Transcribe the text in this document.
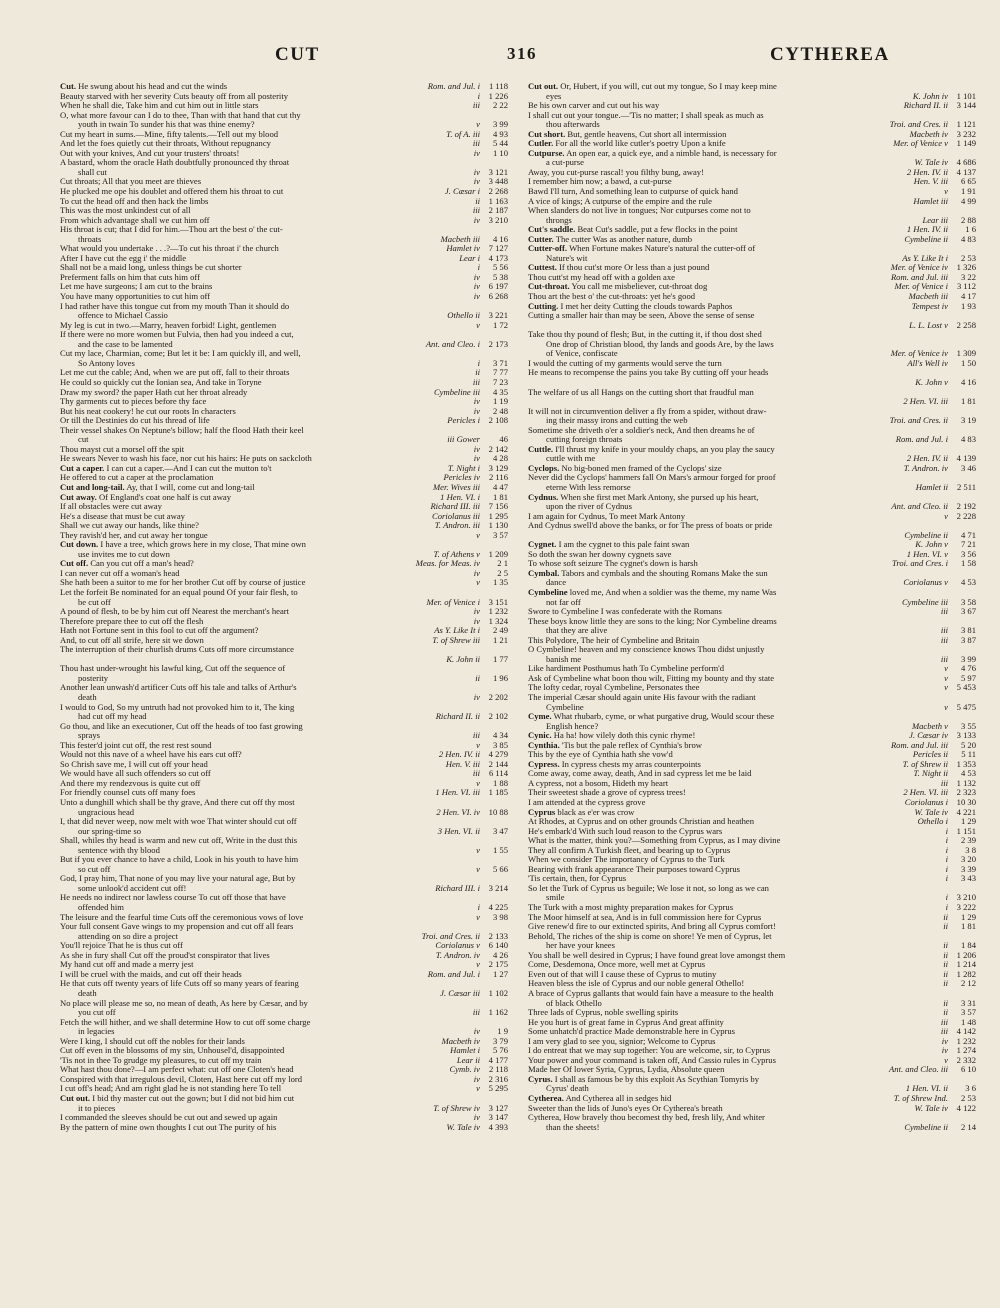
CUT	316	CYTHEREA
Cut. He swung about his head and cut the winds	Rom. and Jul. i	1 118
Beauty starved with her severity Cuts beauty off from all posterity	i	1 226
When he shall die, Take him and cut him out in little stars	iii	2 22
O, what more favour can I do to thee, Than with that hand that cut thy
youth in twain To sunder his that was thine enemy?	v	3 99
Cut my heart in sums.—Mine, fifty talents.—Tell out my blood	T. of A. iii	4 93
And let the foes quietly cut their throats, Without repugnancy	iii	5 44
Out with your knives, And cut your trusters' throats!	iv	1 10
A bastard, whom the oracle Hath doubtfully pronounced thy throat
shall cut	iv	3 121
Cut throats; All that you meet are thieves	iv	3 448
He plucked me ope his doublet and offered them his throat to cut	J. Cæsar i	2 268
To cut the head off and then hack the limbs	ii	1 163
This was the most unkindest cut of all	iii	2 187
From which advantage shall we cut him off	iv	3 210
His throat is cut; that I did for him.—Thou art the best o' the cut-
throats	Macbeth iii	4 16
What would you undertake . . .?—To cut his throat i' the church	Hamlet iv	7 127
After I have cut the egg i' the middle	Lear i	4 173
Shall not be a maid long, unless things be cut shorter	i	5 56
Preferment falls on him that cuts him off	iv	5 38
Let me have surgeons; I am cut to the brains	iv	6 197
You have many opportunities to cut him off	iv	6 268
I had rather have this tongue cut from my mouth Than it should do
offence to Michael Cassio	Othello ii	3 221
My leg is cut in two.—Marry, heaven forbid! Light, gentlemen	v	1 72
If there were no more women but Fulvia, then had you indeed a cut,
and the case to be lamented	Ant. and Cleo. i	2 173
Cut my lace, Charmian, come; But let it be: I am quickly ill, and well,
So Antony loves	i	3 71
Let me cut the cable; And, when we are put off, fall to their throats	ii	7 77
He could so quickly cut the Ionian sea, And take in Toryne	iii	7 23
Draw my sword? the paper Hath cut her throat already	Cymbeline iii	4 35
Thy garments cut to pieces before thy face	iv	1 19
But his neat cookery! he cut our roots In characters	iv	2 48
Or till the Destinies do cut his thread of life	Pericles i	2 108
Their vessel shakes On Neptune's billow; half the flood Hath their keel
cut	iii Gower	46
Thou mayst cut a morsel off the spit	iv	2 142
He swears Never to wash his face, nor cut his hairs: He puts on sackcloth	iv	4 28
Cut a caper. I can cut a caper.—And I can cut the mutton to't	T. Night i	3 129
He offered to cut a caper at the proclamation	Pericles iv	2 116
Cut and long-tail. Ay, that I will, come cut and long-tail	Mer. Wives iii	4 47
Cut away. Of England's coat one half is cut away	1 Hen. VI. i	1 81
If all obstacles were cut away	Richard III. iii	7 156
He's a disease that must be cut away	Coriolanus iii	1 295
Shall we cut away our hands, like thine?	T. Andron. iii	1 130
They ravish'd her, and cut away her tongue	v	3 57
Cut down. I have a tree, which grows here in my close, That mine own
use invites me to cut down	T. of Athens v	1 209
Cut off. Can you cut off a man's head?	Meas. for Meas. iv	2 1
I can never cut off a woman's head	iv	2 5
She hath been a suitor to me for her brother Cut off by course of justice	v	1 35
Let the forfeit Be nominated for an equal pound Of your fair flesh, to
be cut off	Mer. of Venice i	3 151
A pound of flesh, to be by him cut off Nearest the merchant's heart	iv	1 232
Therefore prepare thee to cut off the flesh	iv	1 324
Hath not Fortune sent in this fool to cut off the argument?	As Y. Like It i	2 49
And, to cut off all strife, here sit we down	T. of Shrew iii	1 21
The interruption of their churlish drums Cuts off more circumstance
K. John ii	1 77
Thou hast under-wrought his lawful king, Cut off the sequence of
posterity	ii	1 96
Another lean unwash'd artificer Cuts off his tale and talks of Arthur's
death	iv	2 202
I would to God, So my untruth had not provoked him to it, The king
had cut off my head	Richard II. ii	2 102
Go thou, and like an executioner, Cut off the heads of too fast growing
sprays	iii	4 34
This fester'd joint cut off, the rest rest sound	v	3 85
Would not this nave of a wheel have his ears cut off?	2 Hen. IV. ii	4 279
So Chrish save me, I will cut off your head	Hen. V. iii	2 144
We would have all such offenders so cut off	iii	6 114
And there my rendezvous is quite cut off	v	1 88
For friendly counsel cuts off many foes	1 Hen. VI. iii	1 185
Unto a dunghill which shall be thy grave, And there cut off thy most
ungracious head	2 Hen. VI. iv	10 88
I, that did never weep, now melt with woe That winter should cut off
our spring-time so	3 Hen. VI. ii	3 47
Shall, whiles thy head is warm and new cut off, Write in the dust this
sentence with thy blood	v	1 55
But if you ever chance to have a child, Look in his youth to have him
so cut off	v	5 66
God, I pray him, That none of you may live your natural age, But by
some unlook'd accident cut off!	Richard III. i	3 214
He needs no indirect nor lawless course To cut off those that have
offended him	i	4 225
The leisure and the fearful time Cuts off the ceremonious vows of love	v	3 98
Your full consent Gave wings to my propension and cut off all fears
attending on so dire a project	Troi. and Cres. ii	2 133
You'll rejoice That he is thus cut off	Coriolanus v	6 140
As she in fury shall Cut off the proud'st conspirator that lives	T. Andron. iv	4 26
My hand cut off and made a merry jest	v	2 175
I will be cruel with the maids, and cut off their heads	Rom. and Jul. i	1 27
He that cuts off twenty years of life Cuts off so many years of fearing
death	J. Cæsar iii	1 102
No place will please me so, no mean of death, As here by Cæsar, and by
you cut off	iii	1 162
Fetch the will hither, and we shall determine How to cut off some charge
in legacies	iv	1 9
Were I king, I should cut off the nobles for their lands	Macbeth iv	3 79
Cut off even in the blossoms of my sin, Unhousel'd, disappointed	Hamlet i	5 76
'Tis not in thee To grudge my pleasures, to cut off my train	Lear ii	4 177
What hast thou done?—I am perfect what: cut off one Cloten's head	Cymb. iv	2 118
Conspired with that irregulous devil, Cloten, Hast here cut off my lord	iv	2 316
I cut off's head; And am right glad he is not standing here To tell	v	5 295
Cut out. I bid thy master cut out the gown; but I did not bid him cut
it to pieces	T. of Shrew iv	3 127
I commanded the sleeves should be cut out and sewed up again	iv	3 147
By the pattern of mine own thoughts I cut out The purity of his	W. Tale iv	4 393
Cut out. Or, Hubert, if you will, cut out my tongue, So I may keep mine
eyes	K. John iv	1 101
Be his own carver and cut out his way	Richard II. ii	3 144
I shall cut out your tongue.—'Tis no matter; I shall speak as much as
thou afterwards	Troi. and Cres. ii	1 121
Cut short. But, gentle heavens, Cut short all intermission	Macbeth iv	3 232
Cutler. For all the world like cutler's poetry Upon a knife	Mer. of Venice v	1 149
Cutpurse. An open ear, a quick eye, and a nimble hand, is necessary for
a cut-purse	W. Tale iv	4 686
Away, you cut-purse rascal! you filthy bung, away!	2 Hen. IV. ii	4 137
I remember him now; a bawd, a cut-purse	Hen. V. iii	6 65
Bawd I'll turn, And something lean to cutpurse of quick hand	v	1 91
A vice of kings; A cutpurse of the empire and the rule	Hamlet iii	4 99
When slanders do not live in tongues; Nor cutpurses come not to
throngs	Lear iii	2 88
Cut's saddle. Beat Cut's saddle, put a few flocks in the point	1 Hen. IV. ii	1 6
Cutter. The cutter Was as another nature, dumb	Cymbeline ii	4 83
Cutter-off. When Fortune makes Nature's natural the cutter-off of
Nature's wit	As Y. Like It i	2 53
Cuttest. If thou cut'st more Or less than a just pound	Mer. of Venice iv	1 326
Thou cutt'st my head off with a golden axe	Rom. and Jul. iii	3 22
Cut-throat. You call me misbeliever, cut-throat dog	Mer. of Venice i	3 112
Thou art the best o' the cut-throats: yet he's good	Macbeth iii	4 17
Cutting. I met her deity Cutting the clouds towards Paphos	Tempest iv	1 93
Cutting a smaller hair than may be seen, Above the sense of sense
L. L. Lost v	2 258
Take thou thy pound of flesh; But, in the cutting it, if thou dost shed
One drop of Christian blood, thy lands and goods Are, by the laws
of Venice, confiscate	Mer. of Venice iv	1 309
I would the cutting of my garments would serve the turn	All's Well iv	1 50
He means to recompense the pains you take By cutting off your heads
K. John v	4 16
The welfare of us all Hangs on the cutting short that fraudful man
2 Hen. VI. iii	1 81
It will not in circumvention deliver a fly from a spider, without draw-
ing their massy irons and cutting the web	Troi. and Cres. ii	3 19
Sometime she driveth o'er a soldier's neck, And then dreams he of
cutting foreign throats	Rom. and Jul. i	4 83
Cuttle. I'll thrust my knife in your mouldy chaps, an you play the saucy
cuttle with me	2 Hen. IV. ii	4 139
Cyclops. No big-boned men framed of the Cyclops' size	T. Andron. iv	3 46
Never did the Cyclops' hammers fall On Mars's armour forged for proof
eterne With less remorse	Hamlet ii	2 511
Cydnus. When she first met Mark Antony, she pursed up his heart,
upon the river of Cydnus	Ant. and Cleo. ii	2 192
I am again for Cydnus, To meet Mark Antony	v	2 228
And Cydnus swell'd above the banks, or for The press of boats or pride
Cymbeline ii	4 71
Cygnet. I am the cygnet to this pale faint swan	K. John v	7 21
So doth the swan her downy cygnets save	1 Hen. VI. v	3 56
To whose soft seizure The cygnet's down is harsh	Troi. and Cres. i	1 58
Cymbal. Tabors and cymbals and the shouting Romans Make the sun
dance	Coriolanus v	4 53
Cymbeline loved me, And when a soldier was the theme, my name Was
not far off	Cymbeline iii	3 58
Swore to Cymbeline I was confederate with the Romans	iii	3 67
These boys know little they are sons to the king; Nor Cymbeline dreams
that they are alive	iii	3 81
This Polydore, The heir of Cymbeline and Britain	iii	3 87
O Cymbeline! heaven and my conscience knows Thou didst unjustly
banish me	iii	3 99
Like hardiment Posthumus hath To Cymbeline perform'd	v	4 76
Ask of Cymbeline what boon thou wilt, Fitting my bounty and thy state	v	5 97
The lofty cedar, royal Cymbeline, Personates thee	v	5 453
The imperial Cæsar should again unite His favour with the radiant
Cymbeline	v	5 475
Cyme. What rhubarb, cyme, or what purgative drug, Would scour these
English hence?	Macbeth v	3 55
Cynic. Ha ha! how vilely doth this cynic rhyme!	J. Cæsar iv	3 133
Cynthia. 'Tis but the pale reflex of Cynthia's brow	Rom. and Jul. iii	5 20
This by the eye of Cynthia hath she vow'd	Pericles ii	5 11
Cypress. In cypress chests my arras counterpoints	T. of Shrew ii	1 353
Come away, come away, death, And in sad cypress let me be laid	T. Night ii	4 53
A cypress, not a bosom, Hideth my heart	iii	1 132
Their sweetest shade a grove of cypress trees!	2 Hen. VI. iii	2 323
I am attended at the cypress grove	Coriolanus i	10 30
Cyprus black as e'er was crow	W. Tale iv	4 221
At Rhodes, at Cyprus and on other grounds Christian and heathen	Othello i	1 29
He's embark'd With such loud reason to the Cyprus wars	i	1 151
What is the matter, think you?—Something from Cyprus, as I may divine	i	2 39
They all confirm A Turkish fleet, and bearing up to Cyprus	i	3 8
When we consider The importancy of Cyprus to the Turk	i	3 20
Bearing with frank appearance Their purposes toward Cyprus	i	3 39
'Tis certain, then, for Cyprus	i	3 43
So let the Turk of Cyprus us beguile; We lose it not, so long as we can
smile	i	3 210
The Turk with a most mighty preparation makes for Cyprus	i	3 222
The Moor himself at sea, And is in full commission here for Cyprus	ii	1 29
Give renew'd fire to our extincted spirits, And bring all Cyprus comfort!	ii	1 81
Behold, The riches of the ship is come on shore! Ye men of Cyprus, let
her have your knees	ii	1 84
You shall be well desired in Cyprus; I have found great love amongst them	ii	1 206
Come, Desdemona, Once more, well met at Cyprus	ii	1 214
Even out of that will I cause these of Cyprus to mutiny	ii	1 282
Heaven bless the isle of Cyprus and our noble general Othello!	ii	2 12
A brace of Cyprus gallants that would fain have a measure to the health
of black Othello	ii	3 31
Three lads of Cyprus, noble swelling spirits	ii	3 57
He you hurt is of great fame in Cyprus And great affinity	iii	1 48
Some unhatch'd practice Made demonstrable here in Cyprus	iii	4 142
I am very glad to see you, signior; Welcome to Cyprus	iv	1 232
I do entreat that we may sup together: You are welcome, sir, to Cyprus	iv	1 274
Your power and your command is taken off, And Cassio rules in Cyprus	v	2 332
Made her Of lower Syria, Cyprus, Lydia, Absolute queen	Ant. and Cleo. iii	6 10
Cyrus. I shall as famous be by this exploit As Scythian Tomyris by
Cyrus' death	1 Hen. VI. ii	3 6
Cytherea. And Cytherea all in sedges hid	T. of Shrew Ind.	2 53
Sweeter than the lids of Juno's eyes Or Cytherea's breath	W. Tale iv	4 122
Cytherea, How bravely thou becomest thy bed, fresh lily, And whiter
than the sheets!	Cymbeline ii	2 14
